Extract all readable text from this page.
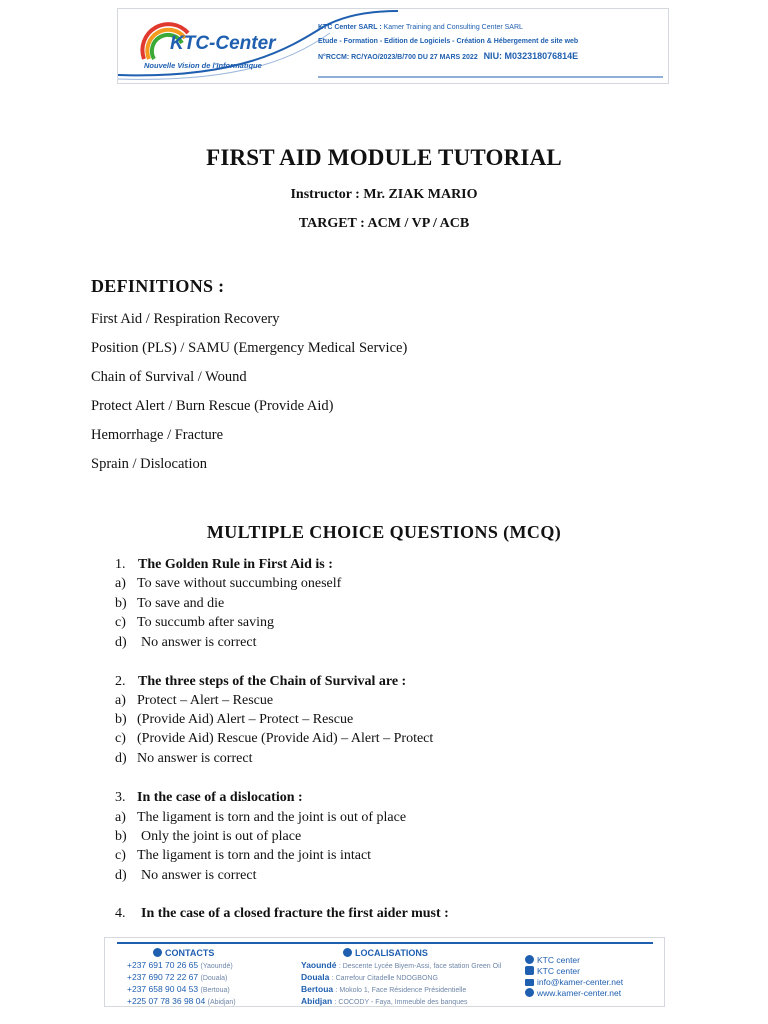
KTC-Center
Nouvelle Vision de l'Informatique
KTC Center SARL : Kamer Training and Consulting Center SARL
Etude - Formation - Edition de Logiciels - Création & Hébergement de site web
N°RCCM: RC/YAO/2023/B/700 DU 27 MARS 2022 NIU: M032318076814E
FIRST AID MODULE TUTORIAL
Instructor : Mr. ZIAK MARIO
TARGET : ACM / VP / ACB
DEFINITIONS :
First Aid / Respiration Recovery
Position (PLS) / SAMU (Emergency Medical Service)
Chain of Survival / Wound
Protect Alert / Burn Rescue (Provide Aid)
Hemorrhage / Fracture
Sprain / Dislocation
MULTIPLE CHOICE QUESTIONS (MCQ)
1. The Golden Rule in First Aid is :
a) To save without succumbing oneself
b) To save and die
c) To succumb after saving
d) No answer is correct
2. The three steps of the Chain of Survival are :
a) Protect – Alert – Rescue
b) (Provide Aid) Alert – Protect – Rescue
c) (Provide Aid) Rescue (Provide Aid) – Alert – Protect
d) No answer is correct
3. In the case of a dislocation :
a) The ligament is torn and the joint is out of place
b) Only the joint is out of place
c) The ligament is torn and the joint is intact
d) No answer is correct
4. In the case of a closed fracture the first aider must :
CONTACTS
+237 691 70 26 65 (Yaoundé)
+237 690 72 22 67 (Douala)
+237 658 90 04 53 (Bertoua)
+225 07 78 36 98 04 (Abidjan)
LOCALISATIONS
Yaoundé : Descente Lycée Biyem-Assi, face station Green Oil
Douala : Carrefour Citadelle NDOGBONG
Bertoua : Mokolo 1, Face Résidence Présidentielle
Abidjan : COCODY - Faya, Immeuble des banques
KTC center
KTC center
info@kamer-center.net
www.kamer-center.net
